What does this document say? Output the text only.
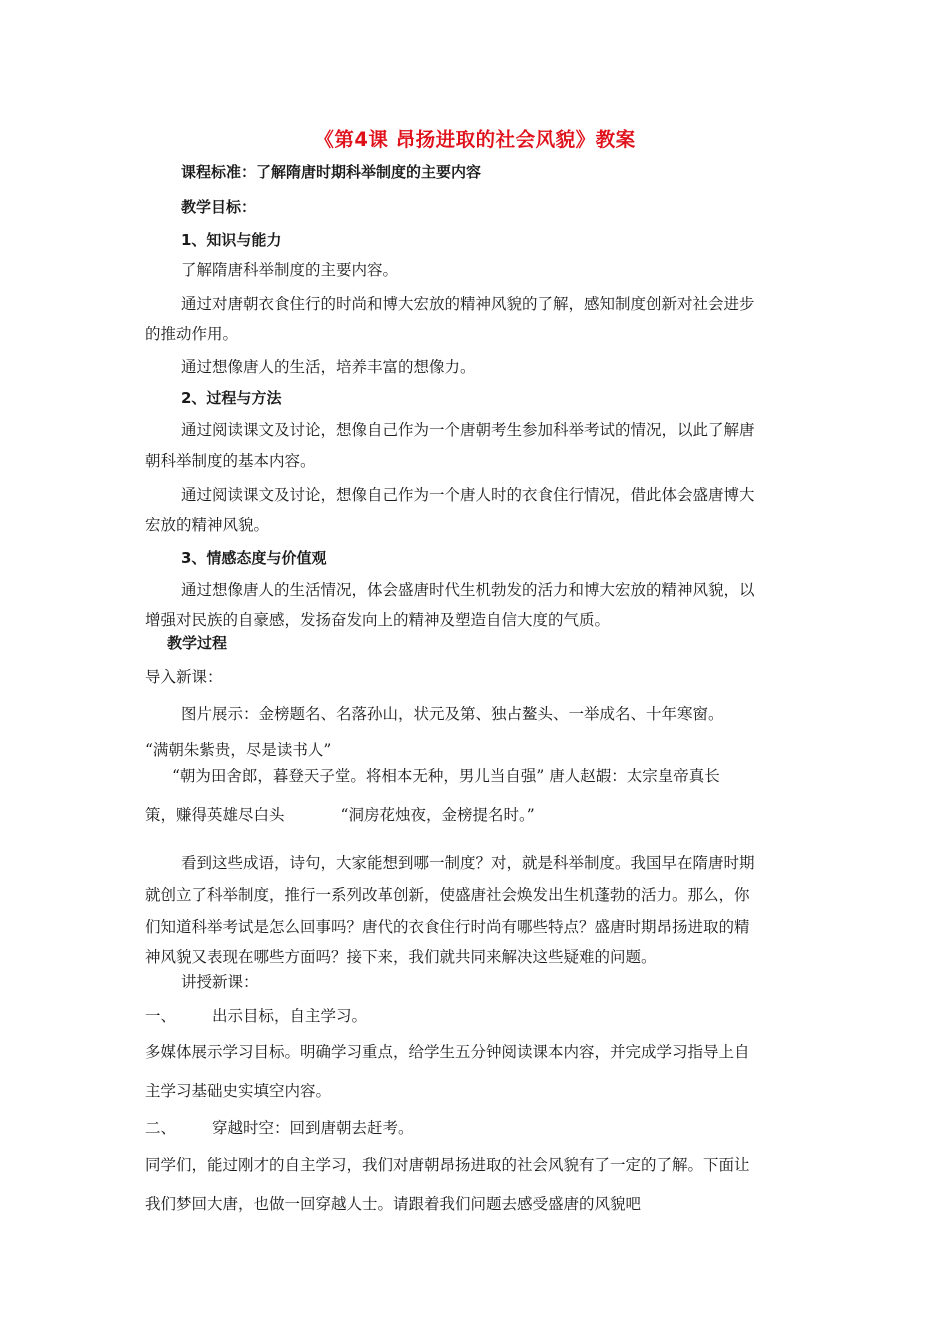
《第4课 昂扬进取的社会风貌》教案
课程标准：了解隋唐时期科举制度的主要内容
教学目标：
1、知识与能力
了解隋唐科举制度的主要内容。
通过对唐朝衣食住行的时尚和博大宏放的精神风貌的了解，感知制度创新对社会进步
的推动作用。
通过想像唐人的生活，培养丰富的想像力。
2、过程与方法
通过阅读课文及讨论，想像自己作为一个唐朝考生参加科举考试的情况，以此了解唐
朝科举制度的基本内容。
通过阅读课文及讨论，想像自己作为一个唐人时的衣食住行情况，借此体会盛唐博大
宏放的精神风貌。
3、情感态度与价值观
通过想像唐人的生活情况，体会盛唐时代生机勃发的活力和博大宏放的精神风貌，以
增强对民族的自豪感，发扬奋发向上的精神及塑造自信大度的气质。
教学过程
导入新课：
图片展示：金榜题名、名落孙山，状元及第、独占鳌头、一举成名、十年寒窗。
“满朝朱紫贵，尽是读书人”
“朝为田舍郎，暮登天子堂。将相本无种，男儿当自强” 唐人赵嘏：太宗皇帝真长
策，赚得英雄尽白头	“洞房花烛夜，金榜提名时。”
看到这些成语，诗句，大家能想到哪一制度？对，就是科举制度。我国早在隋唐时期
就创立了科举制度，推行一系列改革创新，使盛唐社会焕发出生机蓬勃的活力。那么，你
们知道科举考试是怎么回事吗？唐代的衣食住行时尚有哪些特点？盛唐时期昂扬进取的精
神风貌又表现在哪些方面吗？接下来，我们就共同来解决这些疑难的问题。
讲授新课：
一、 出示目标，自主学习。
多媒体展示学习目标。明确学习重点，给学生五分钟阅读课本内容，并完成学习指导上自
主学习基础史实填空内容。
二、 穿越时空：回到唐朝去赶考。
同学们，能过刚才的自主学习，我们对唐朝昂扬进取的社会风貌有了一定的了解。下面让
我们梦回大唐，也做一回穿越人士。请跟着我们问题去感受盛唐的风貌吧
